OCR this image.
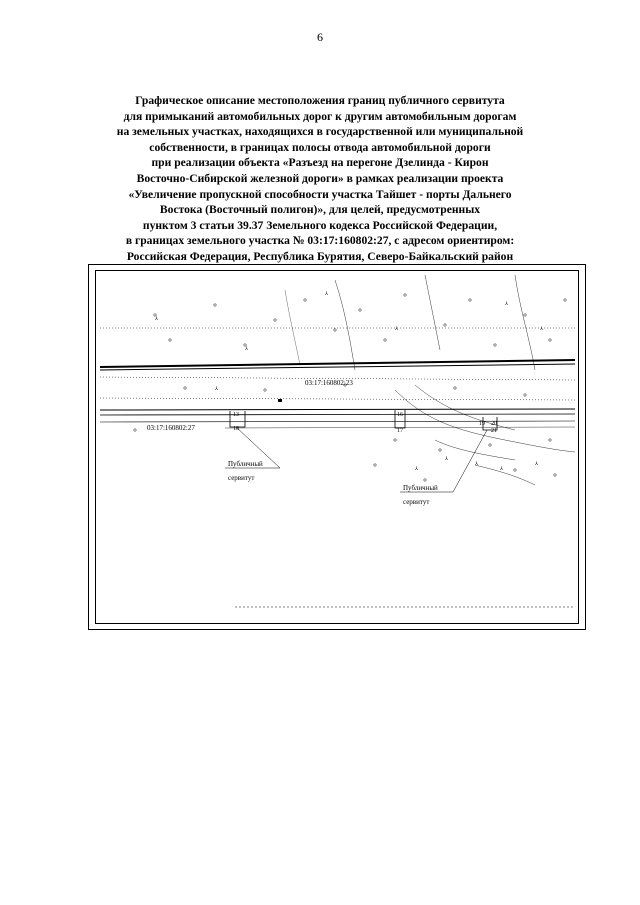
6
Графическое описание местоположения границ публичного сервитута
для примыканий автомобильных дорог к другим автомобильным дорогам
на земельных участках, находящихся в государственной или муниципальной
собственности, в границах полосы отвода автомобильной дороги
при реализации объекта «Разъезд на перегоне Дзелинда - Кирон
Восточно-Сибирской железной дороги» в рамках реализации проекта
«Увеличение пропускной способности участка Тайшет - порты Дальнего
Востока (Восточный полигон)», для целей, предусмотренных
пунктом 3 статьи 39.37 Земельного кодекса Российской Федерации,
в границах земельного участка № 03:17:160802:27, с адресом ориентиром:
Российская Федерация, Республика Бурятия, Северо-Байкальский район
⅄
⅄
⅄
⅄
⅄
⅄
⅄
⅄
⅄
⅄
⅄
⅄
03:17:160802:23
03:17:160802:27
13	16
17
18
19 20
21
Публичный
сервитут
Публичный
сервитут
